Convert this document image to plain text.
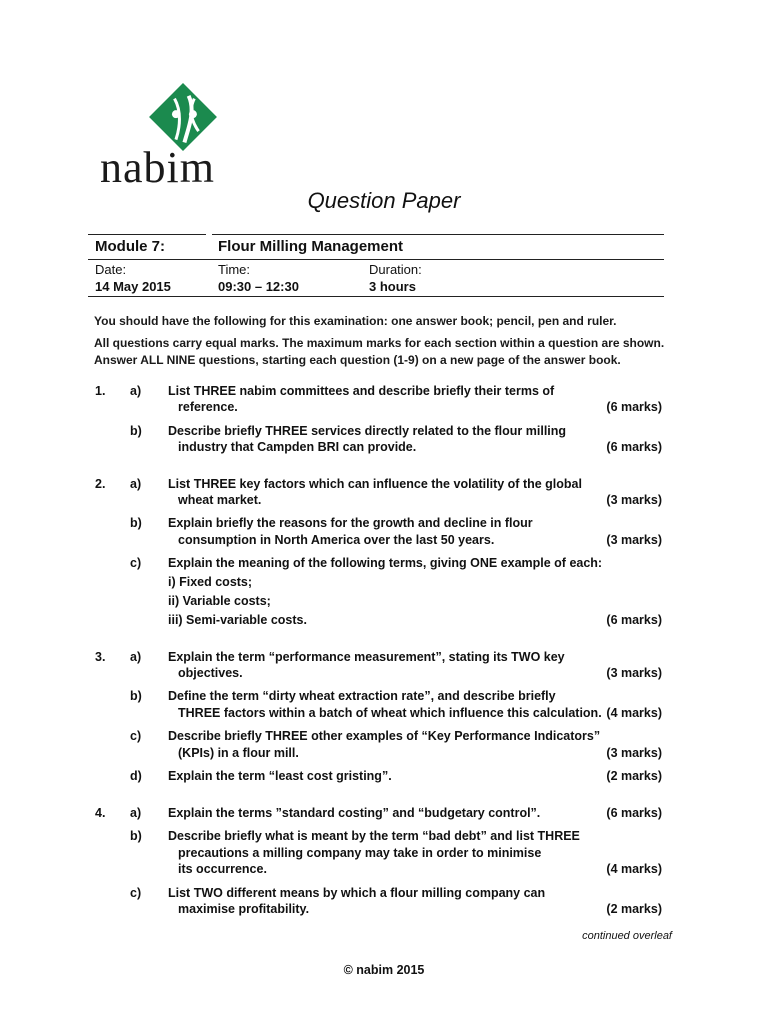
nabim
Question Paper
Module 7:	Flour Milling Management
Date:	Time:	Duration:
14 May 2015	09:30 – 12:30	3 hours
You should have the following for this examination: one answer book; pencil, pen and ruler.
All questions carry equal marks. The maximum marks for each section within a question are shown.
Answer ALL NINE questions, starting each question (1-9) on a new page of the answer book.
1. a) List THREE nabim committees and describe briefly their terms of
reference.	(6 marks)
b) Describe briefly THREE services directly related to the flour milling
industry that Campden BRI can provide.	(6 marks)
2. a) List THREE key factors which can influence the volatility of the global
wheat market.	(3 marks)
b) Explain briefly the reasons for the growth and decline in flour
consumption in North America over the last 50 years.	(3 marks)
c) Explain the meaning of the following terms, giving ONE example of each:
i) Fixed costs;
ii) Variable costs;
iii) Semi-variable costs.	(6 marks)
3. a) Explain the term “performance measurement”, stating its TWO key
objectives.	(3 marks)
b) Define the term “dirty wheat extraction rate”, and describe briefly
THREE factors within a batch of wheat which influence this calculation. (4 marks)
c) Describe briefly THREE other examples of “Key Performance Indicators”
(KPIs) in a flour mill.	(3 marks)
d) Explain the term “least cost gristing”.	(2 marks)
4. a) Explain the terms ”standard costing” and “budgetary control”.	(6 marks)
b) Describe briefly what is meant by the term “bad debt” and list THREE
precautions a milling company may take in order to minimise
its occurrence.	(4 marks)
c) List TWO different means by which a flour milling company can
maximise profitability.	(2 marks)
continued overleaf
© nabim 2015
